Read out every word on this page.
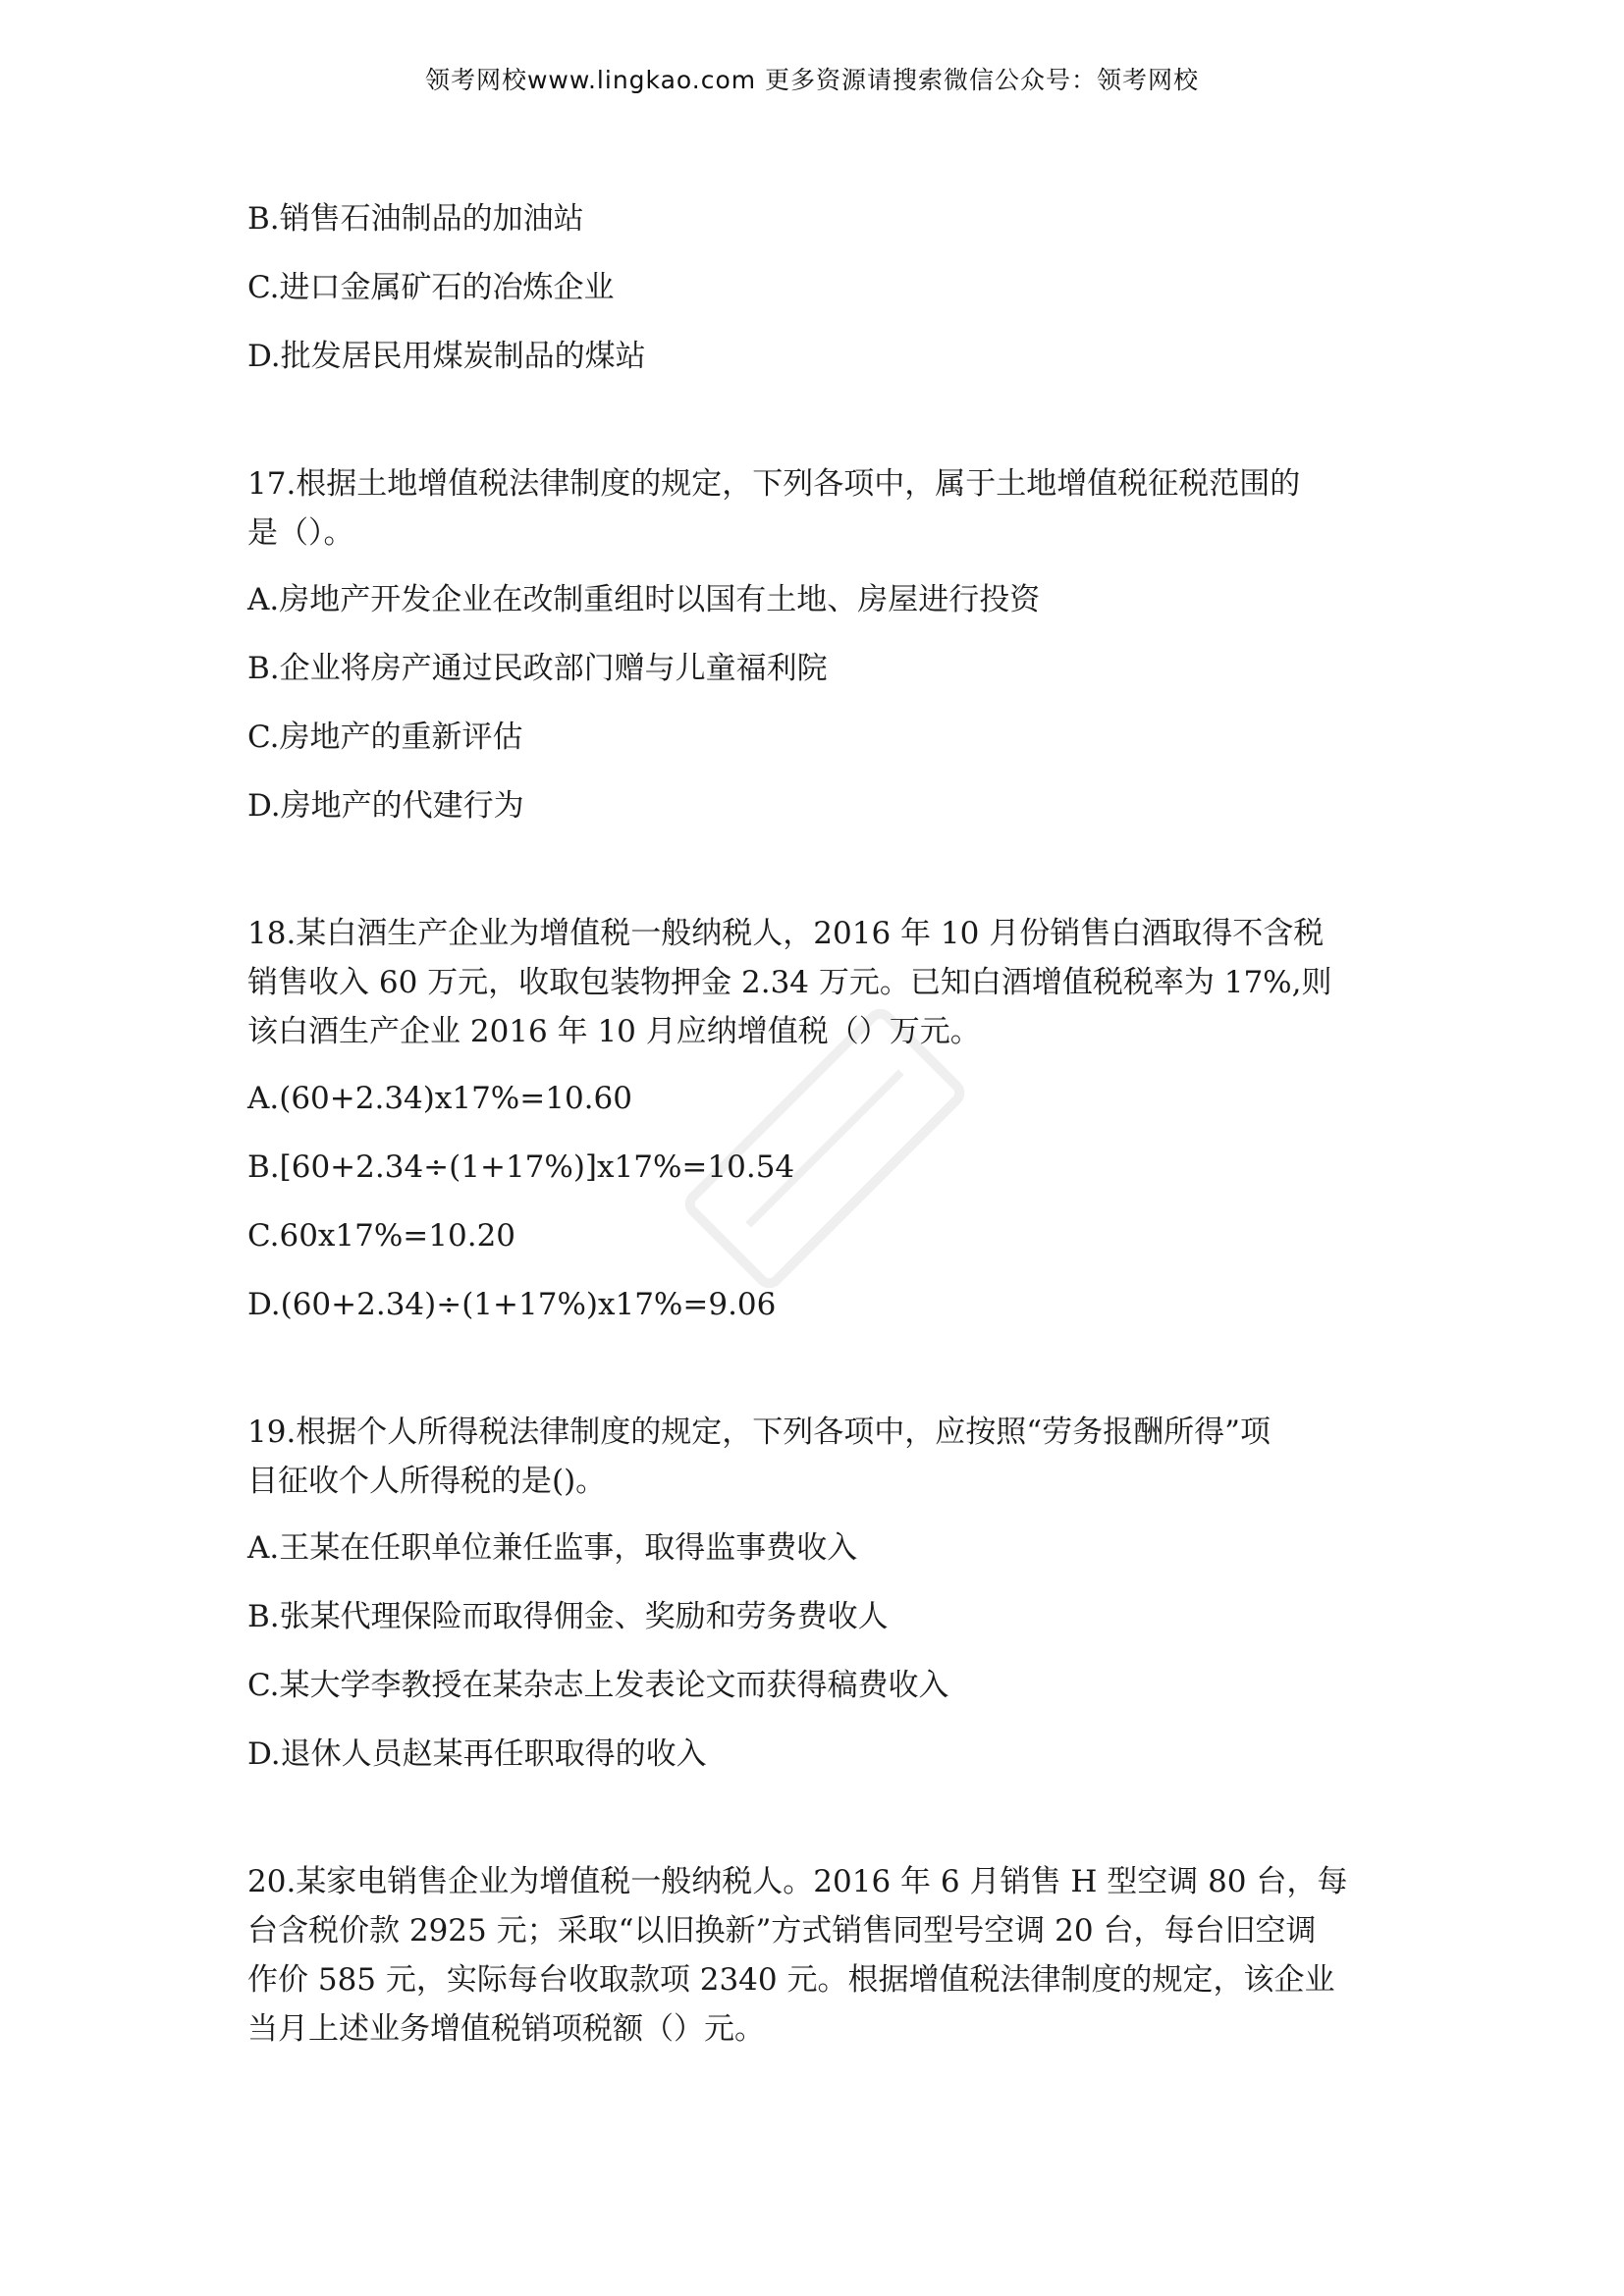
领考网校www.lingkao.com 更多资源请搜索微信公众号：领考网校
B.销售石油制品的加油站
C.进口金属矿石的冶炼企业
D.批发居民用煤炭制品的煤站
17.根据土地增值税法律制度的规定，下列各项中，属于土地增值税征税范围的
是（）。
A.房地产开发企业在改制重组时以国有土地、房屋进行投资
B.企业将房产通过民政部门赠与儿童福利院
C.房地产的重新评估
D.房地产的代建行为
18.某白酒生产企业为增值税一般纳税人，2016 年 10 月份销售白酒取得不含税
销售收入 60 万元，收取包装物押金 2.34 万元。已知白酒增值税税率为 17%,则
该白酒生产企业 2016 年 10 月应纳增值税（）万元。
A.(60+2.34)x17%=10.60
B.[60+2.34÷(1+17%)]x17%=10.54
C.60x17%=10.20
D.(60+2.34)÷(1+17%)x17%=9.06
19.根据个人所得税法律制度的规定，下列各项中，应按照“劳务报酬所得”项
目征收个人所得税的是()。
A.王某在任职单位兼任监事，取得监事费收入
B.张某代理保险而取得佣金、奖励和劳务费收人
C.某大学李教授在某杂志上发表论文而获得稿费收入
D.退休人员赵某再任职取得的收入
20.某家电销售企业为增值税一般纳税人。2016 年 6 月销售 H 型空调 80 台，每
台含税价款 2925 元；采取“以旧换新”方式销售同型号空调 20 台，每台旧空调
作价 585 元，实际每台收取款项 2340 元。根据增值税法律制度的规定，该企业
当月上述业务增值税销项税额（）元。
